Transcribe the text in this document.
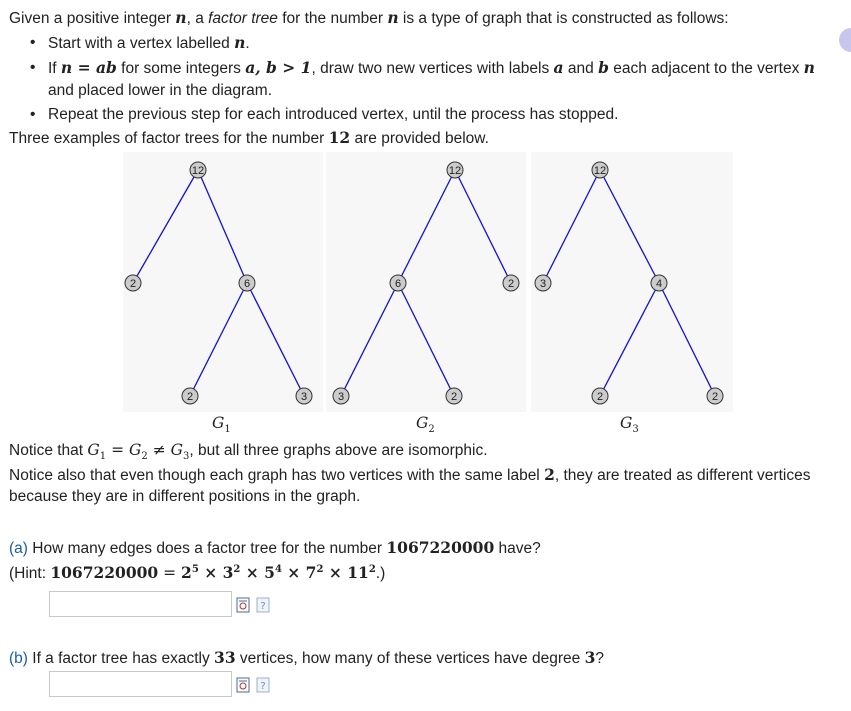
Given a positive integer n, a factor tree for the number n is a type of graph that is constructed as follows:

• Start with a vertex labelled n.
• If n = ab for some integers a, b > 1, draw two new vertices with labels a and b each adjacent to the vertex n
and placed lower in the diagram.
• Repeat the previous step for each introduced vertex, until the process has stopped.

Three examples of factor trees for the number 12 are provided below.

12
2	6
2	3
12
6	2
3	2
12
3	4
2	2
$G_1$	$G_2$	$G_3$

Notice that $G_1 = G_2 \ne G_3$, but all three graphs above are isomorphic.

Notice also that even though each graph has two vertices with the same label 2, they are treated as different vertices

because they are in different positions in the graph.

(a) How many edges does a factor tree for the number 1067220000 have?

(Hint: $1067220000 = 2^5 \times 3^2 \times 5^4 \times 7^2 \times 11^2$.)

?

(b) If a factor tree has exactly 33 vertices, how many of these vertices have degree 3?

?
